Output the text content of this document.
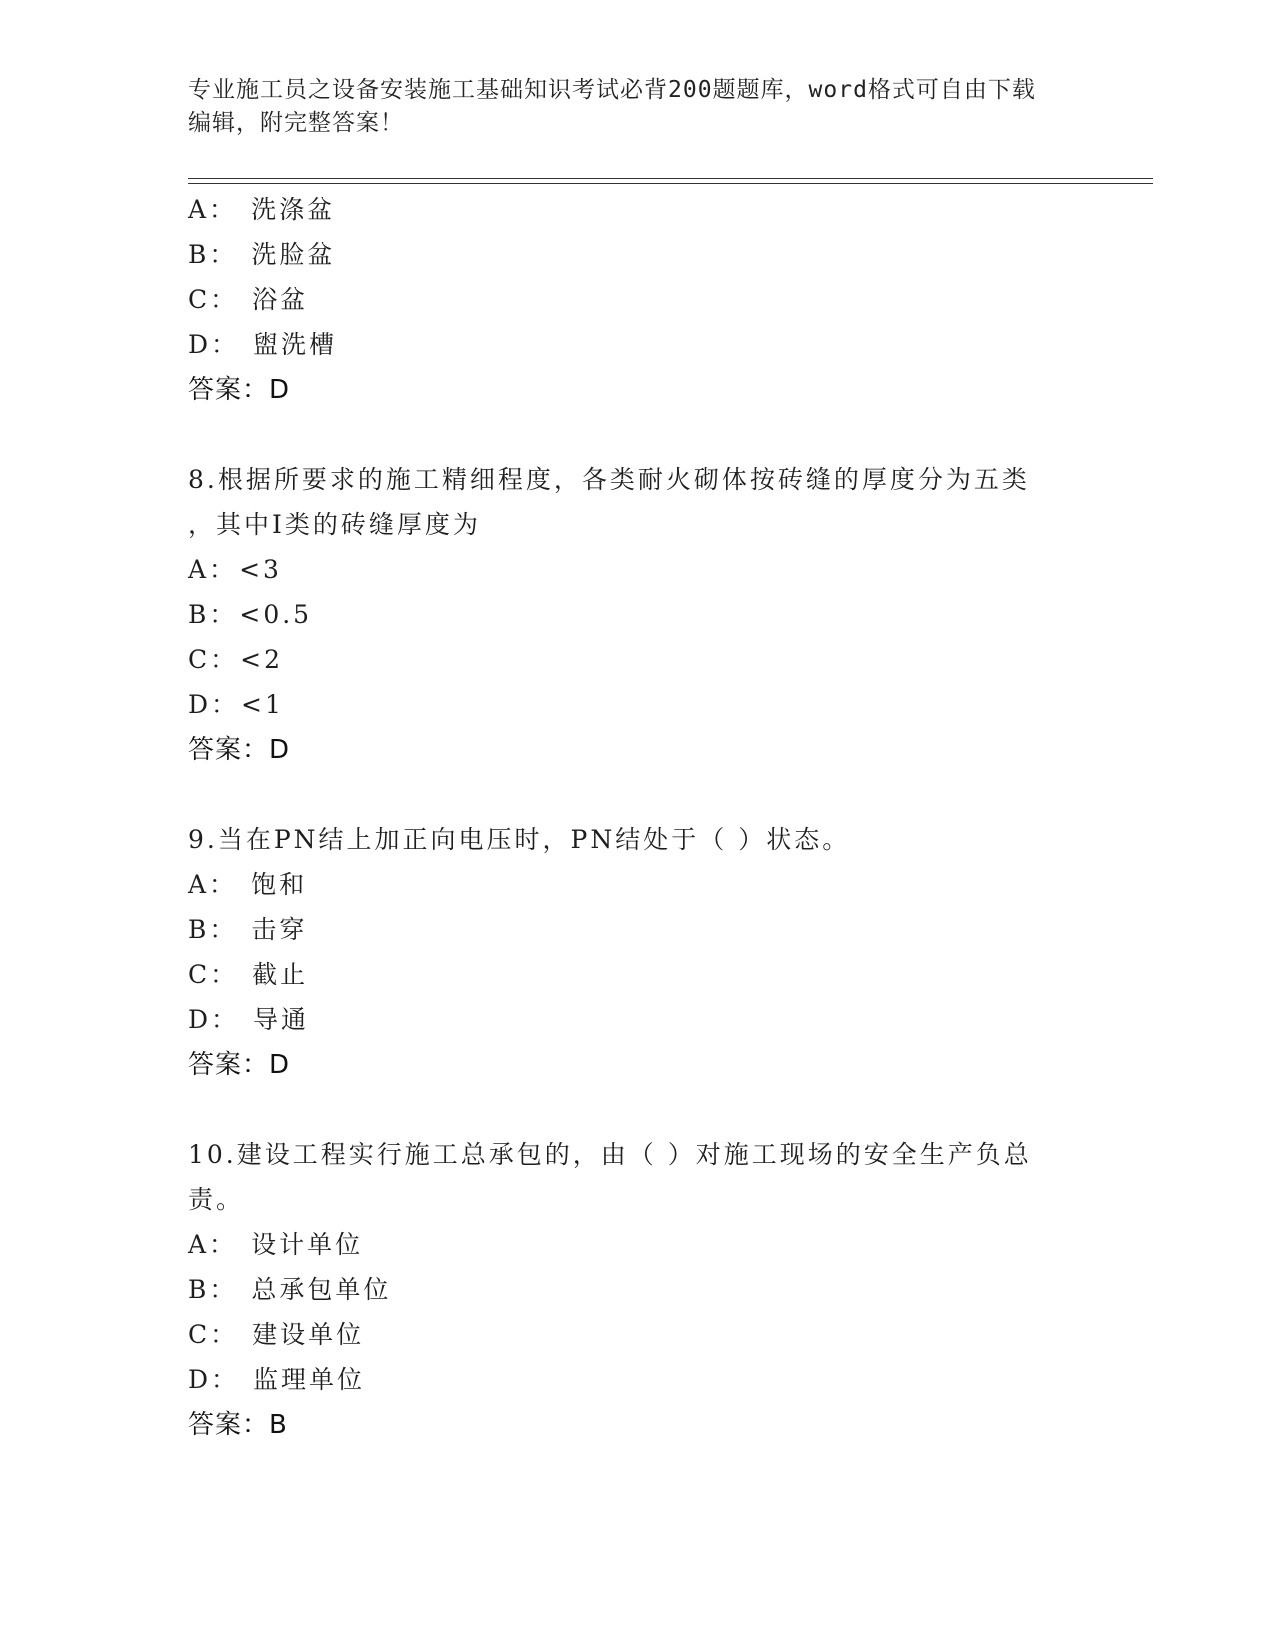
专业施工员之设备安装施工基础知识考试必背200题题库，word格式可自由下载
编辑，附完整答案！
A： 洗涤盆
B： 洗脸盆
C： 浴盆
D： 盥洗槽
答案：D
8.根据所要求的施工精细程度，各类耐火砌体按砖缝的厚度分为五类
，其中Ⅰ类的砖缝厚度为
A：<3
B：<0.5
C：<2
D：<1
答案：D
9.当在PN结上加正向电压时，PN结处于（ ）状态。
A： 饱和
B： 击穿
C： 截止
D： 导通
答案：D
10.建设工程实行施工总承包的，由（ ）对施工现场的安全生产负总
责。
A： 设计单位
B： 总承包单位
C： 建设单位
D： 监理单位
答案：B
